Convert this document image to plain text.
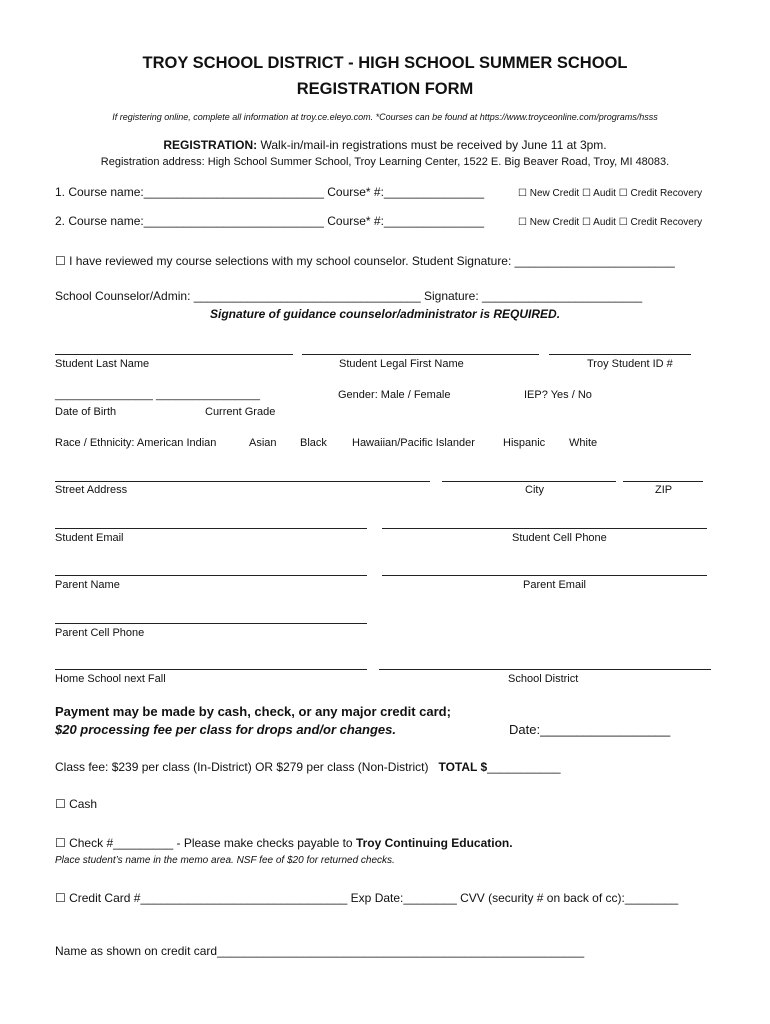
TROY SCHOOL DISTRICT - HIGH SCHOOL SUMMER SCHOOL
REGISTRATION FORM
If registering online, complete all information at troy.ce.eleyo.com. *Courses can be found at https://www.troyceonline.com/programs/hsss
REGISTRATION: Walk-in/mail-in registrations must be received by June 11 at 3pm.
Registration address: High School Summer School, Troy Learning Center, 1522 E. Big Beaver Road, Troy, MI 48083.
1. Course name:___________________________ Course* #:_______________	☐ New Credit ☐ Audit ☐ Credit Recovery
2. Course name:___________________________ Course* #:_______________	☐ New Credit ☐ Audit ☐ Credit Recovery
☐ I have reviewed my course selections with my school counselor. Student Signature: ________________________
School Counselor/Admin: __________________________________ Signature: ________________________
Signature of guidance counselor/administrator is REQUIRED.
Student Last Name	Student Legal First Name	Troy Student ID #
________________ _________________	Gender: Male / Female	IEP? Yes / No
Date of Birth	Current Grade
Race / Ethnicity: American Indian	Asian Black Hawaiian/Pacific Islander	Hispanic White
Street Address	City	ZIP
Student Email	Student Cell Phone
Parent Name	Parent Email
Parent Cell Phone
Home School next Fall	School District
Payment may be made by cash, check, or any major credit card;
$20 processing fee per class for drops and/or changes.	Date:__________________
Class fee: $239 per class (In-District) OR $279 per class (Non-District) TOTAL $___________
☐ Cash
☐ Check #_________ - Please make checks payable to Troy Continuing Education.
Place student’s name in the memo area. NSF fee of $20 for returned checks.
☐ Credit Card #_______________________________ Exp Date:________ CVV (security # on back of cc):________
Name as shown on credit card_______________________________________________________
